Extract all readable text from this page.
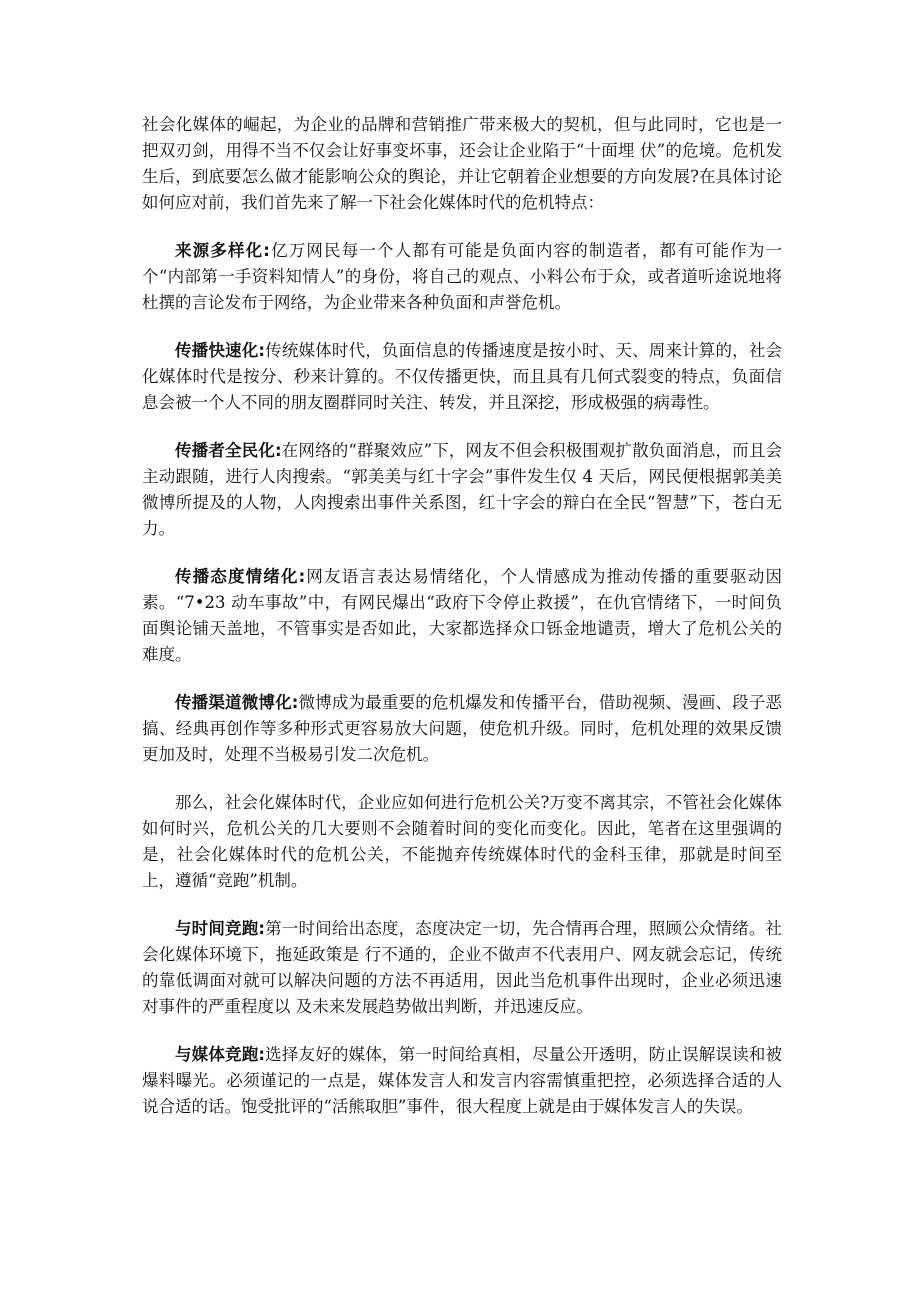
社会化媒体的崛起，为企业的品牌和营销推广带来极大的契机，但与此同时，它也是一把双刃剑，用得不当不仅会让好事变坏事，还会让企业陷于“十面埋 伏”的危境。危机发生后，到底要怎么做才能影响公众的舆论，并让它朝着企业想要的方向发展?在具体讨论如何应对前，我们首先来了解一下社会化媒体时代的危机特点：

来源多样化:亿万网民每一个人都有可能是负面内容的制造者，都有可能作为一个“内部第一手资料知情人”的身份，将自己的观点、小料公布于众，或者道听途说地将杜撰的言论发布于网络，为企业带来各种负面和声誉危机。

传播快速化:传统媒体时代，负面信息的传播速度是按小时、天、周来计算的，社会化媒体时代是按分、秒来计算的。不仅传播更快，而且具有几何式裂变的特点，负面信息会被一个人不同的朋友圈群同时关注、转发，并且深挖，形成极强的病毒性。

传播者全民化:在网络的“群聚效应”下，网友不但会积极围观扩散负面消息，而且会主动跟随，进行人肉搜索。“郭美美与红十字会”事件发生仅 4 天后，网民便根据郭美美微博所提及的人物，人肉搜索出事件关系图，红十字会的辩白在全民“智慧”下，苍白无力。

传播态度情绪化:网友语言表达易情绪化，个人情感成为推动传播的重要驱动因素。“7•23 动车事故”中，有网民爆出“政府下令停止救援”，在仇官情绪下，一时间负面舆论铺天盖地，不管事实是否如此，大家都选择众口铄金地谴责，增大了危机公关的难度。

传播渠道微博化:微博成为最重要的危机爆发和传播平台，借助视频、漫画、段子恶搞、经典再创作等多种形式更容易放大问题，使危机升级。同时，危机处理的效果反馈更加及时，处理不当极易引发二次危机。

那么，社会化媒体时代，企业应如何进行危机公关?万变不离其宗，不管社会化媒体如何时兴，危机公关的几大要则不会随着时间的变化而变化。因此，笔者在这里强调的是，社会化媒体时代的危机公关，不能抛弃传统媒体时代的金科玉律，那就是时间至上，遵循“竞跑”机制。

与时间竞跑:第一时间给出态度，态度决定一切，先合情再合理，照顾公众情绪。社会化媒体环境下，拖延政策是 行不通的，企业不做声不代表用户、网友就会忘记，传统的靠低调面对就可以解决问题的方法不再适用，因此当危机事件出现时，企业必须迅速对事件的严重程度以 及未来发展趋势做出判断，并迅速反应。

与媒体竞跑:选择友好的媒体，第一时间给真相，尽量公开透明，防止误解误读和被爆料曝光。必须谨记的一点是，媒体发言人和发言内容需慎重把控，必须选择合适的人说合适的话。饱受批评的“活熊取胆”事件，很大程度上就是由于媒体发言人的失误。
